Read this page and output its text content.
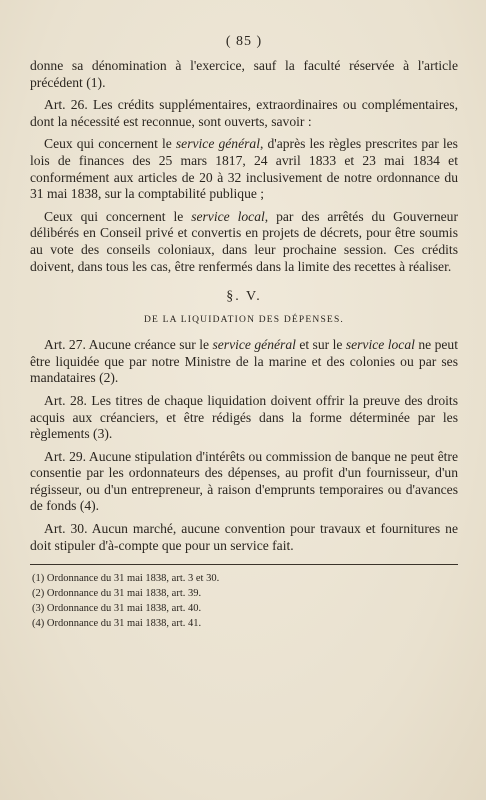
( 85 )

donne sa dénomination à l'exercice, sauf la faculté réservée à l'article précédent (1).

Art. 26. Les crédits supplémentaires, extraordinaires ou complémentaires, dont la nécessité est reconnue, sont ouverts, savoir :

Ceux qui concernent le service général, d'après les règles prescrites par les lois de finances des 25 mars 1817, 24 avril 1833 et 23 mai 1834 et conformément aux articles de 20 à 32 inclusivement de notre ordonnance du 31 mai 1838, sur la comptabilité publique ;

Ceux qui concernent le service local, par des arrêtés du Gouverneur délibérés en Conseil privé et convertis en projets de décrets, pour être soumis au vote des conseils coloniaux, dans leur prochaine session. Ces crédits doivent, dans tous les cas, être renfermés dans la limite des recettes à réaliser.

§. V.
DE LA LIQUIDATION DES DÉPENSES.

Art. 27. Aucune créance sur le service général et sur le service local ne peut être liquidée que par notre Ministre de la marine et des colonies ou par ses mandataires (2).

Art. 28. Les titres de chaque liquidation doivent offrir la preuve des droits acquis aux créanciers, et être rédigés dans la forme déterminée par les règlements (3).

Art. 29. Aucune stipulation d'intérêts ou commission de banque ne peut être consentie par les ordonnateurs des dépenses, au profit d'un fournisseur, d'un régisseur, ou d'un entrepreneur, à raison d'emprunts temporaires ou d'avances de fonds (4).

Art. 30. Aucun marché, aucune convention pour travaux et fournitures ne doit stipuler d'à-compte que pour un service fait.

(1) Ordonnance du 31 mai 1838, art. 3 et 30.

(2) Ordonnance du 31 mai 1838, art. 39.

(3) Ordonnance du 31 mai 1838, art. 40.

(4) Ordonnance du 31 mai 1838, art. 41.
